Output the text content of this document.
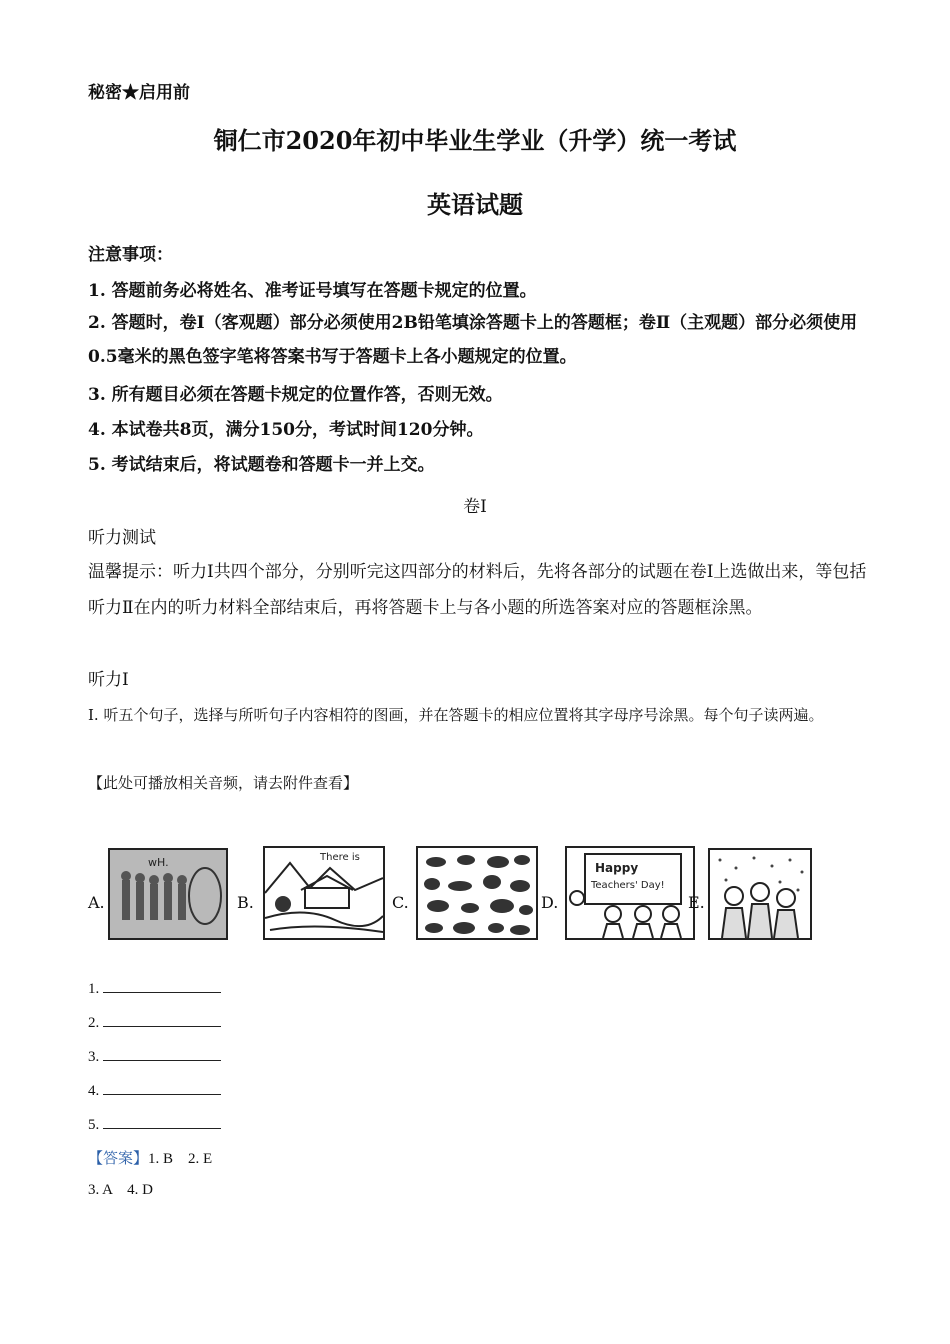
秘密★启用前
铜仁市2020年初中毕业生学业（升学）统一考试
英语试题
注意事项：
1. 答题前务必将姓名、准考证号填写在答题卡规定的位置。
2. 答题时，卷Ⅰ（客观题）部分必须使用2B铅笔填涂答题卡上的答题框；卷Ⅱ（主观题）部分必须使用0.5毫米的黑色签字笔将答案书写于答题卡上各小题规定的位置。
3. 所有题目必须在答题卡规定的位置作答，否则无效。
4. 本试卷共8页，满分150分，考试时间120分钟。
5. 考试结束后，将试题卷和答题卡一并上交。
卷Ⅰ
听力测试
温馨提示：听力Ⅰ共四个部分，分别听完这四部分的材料后，先将各部分的试题在卷Ⅰ上选做出来，等包括听力Ⅱ在内的听力材料全部结束后，再将答题卡上与各小题的所选答案对应的答题框涂黑。
听力Ⅰ
Ⅰ. 听五个句子，选择与所听句子内容相符的图画，并在答题卡的相应位置将其字母序号涂黑。每个句子读两遍。
【此处可播放相关音频，请去附件查看】
A.
wH.
B.
There is
C.	D.
Happy
Teachers' Day!
E.
1.
2.
3.
4.
5.
【答案】1. B    2. E
3. A    4. D
